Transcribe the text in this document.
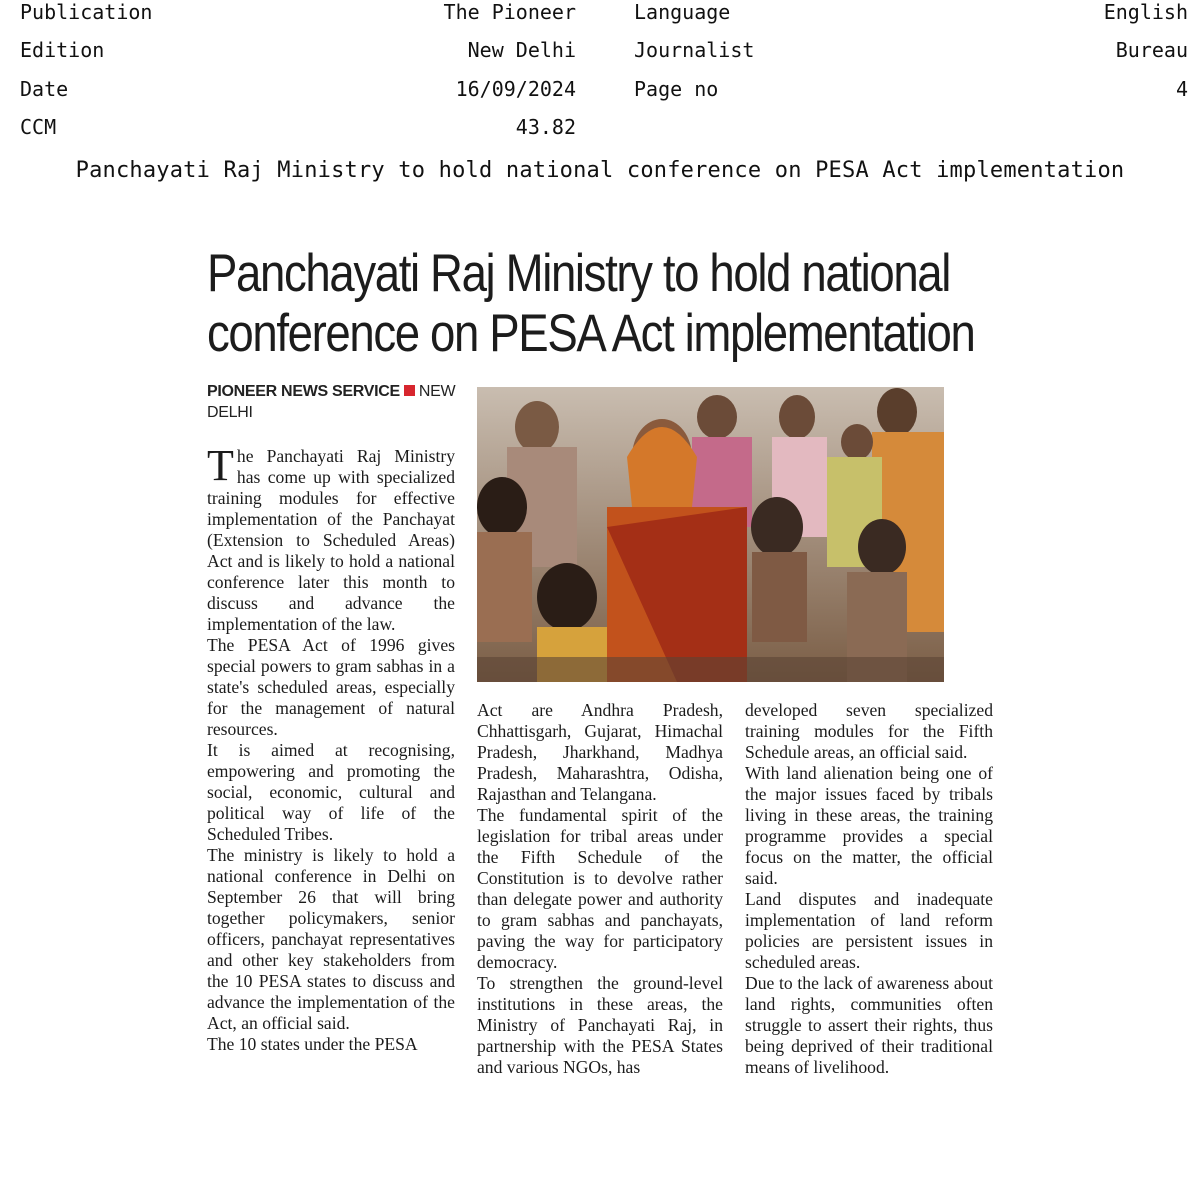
Publication	The Pioneer	Language	English
Edition	New Delhi	Journalist	Bureau
Date	16/09/2024	Page no	4
CCM	43.82
Panchayati Raj Ministry to hold national conference on PESA Act implementation
Panchayati Raj Ministry to hold national
conference on PESA Act implementation
PIONEER NEWS SERVICE NEW DELHI

The Panchayati Raj Ministry has come up with specialized training modules for effective implementation of the Panchayat (Extension to Scheduled Areas) Act and is likely to hold a national conference later this month to discuss and advance the implementation of the law.

The PESA Act of 1996 gives special powers to gram sabhas in a state's scheduled areas, especially for the management of natural resources.

It is aimed at recognising, empowering and promoting the social, economic, cultural and political way of life of the Scheduled Tribes.

The ministry is likely to hold a national conference in Delhi on September 26 that will bring together policymakers, senior officers, panchayat representatives and other key stakeholders from the 10 PESA states to discuss and advance the implementation of the Act, an official said.

The 10 states under the PESA

Act are Andhra Pradesh, Chhattisgarh, Gujarat, Himachal Pradesh, Jharkhand, Madhya Pradesh, Maharashtra, Odisha, Rajasthan and Telangana.

The fundamental spirit of the legislation for tribal areas under the Fifth Schedule of the Constitution is to devolve rather than delegate power and authority to gram sabhas and panchayats, paving the way for participatory democracy.

To strengthen the ground-level institutions in these areas, the Ministry of Panchayati Raj, in partnership with the PESA States and various NGOs, has

developed seven specialized training modules for the Fifth Schedule areas, an official said.

With land alienation being one of the major issues faced by tribals living in these areas, the training programme provides a special focus on the matter, the official said.

Land disputes and inadequate implementation of land reform policies are persistent issues in scheduled areas.

Due to the lack of awareness about land rights, communities often struggle to assert their rights, thus being deprived of their traditional means of livelihood.
